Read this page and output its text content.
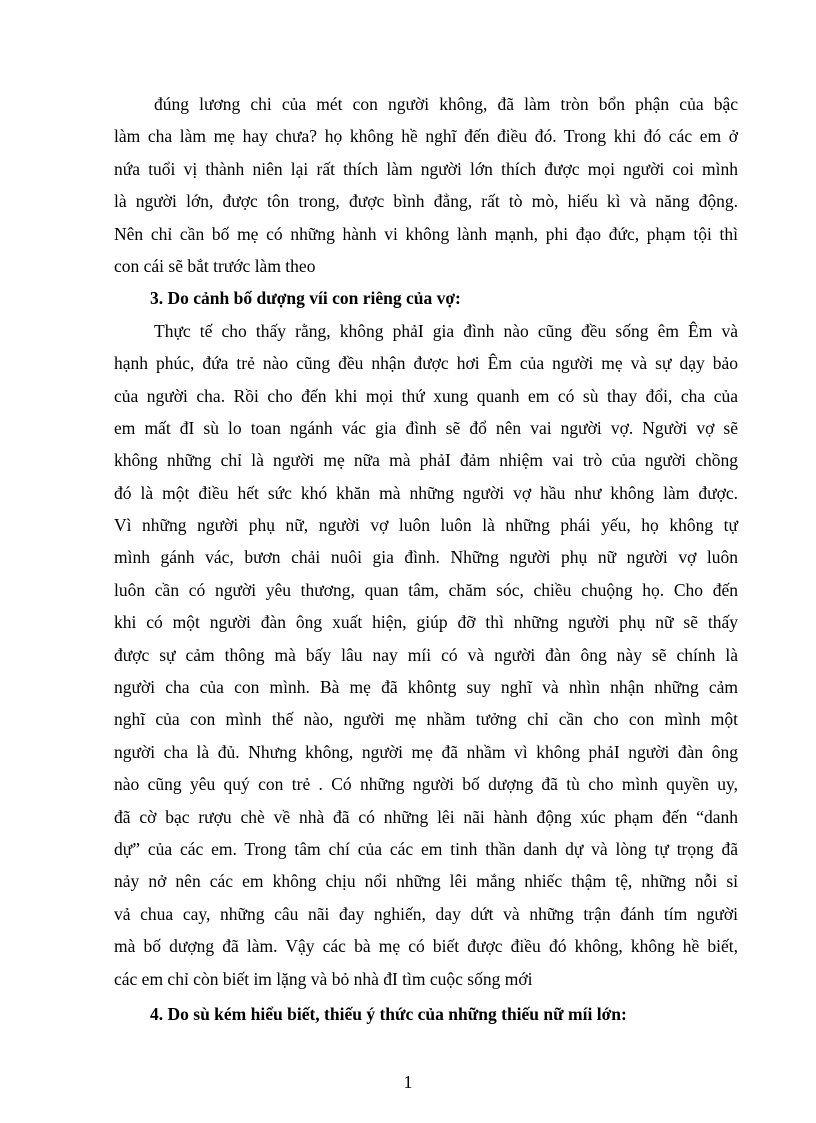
đúng lương chi của mét con người không, đã làm tròn bổn phận của bậc
làm cha làm mẹ hay chưa? họ không hề nghĩ đến điều đó. Trong khi đó các em ở
nứa tuổi vị thành niên lại rất thích làm người lớn thích được mọi người coi mình
là người lớn, được tôn trong, được bình đẳng, rất tò mò, hiếu kì và năng động.
Nên chỉ cần bố mẹ có những hành vi không lành mạnh, phi đạo đức, phạm tội thì
con cái sẽ bắt trước làm theo
3. Do cảnh bố dượng víi con riêng của vợ:
Thực tế cho thấy rằng, không phảI gia đình nào cũng đều sống êm Êm và
hạnh phúc, đứa trẻ nào cũng đều nhận được hơi Êm của người mẹ và sự dạy bảo
của người cha. Rồi cho đến khi mọi thứ xung quanh em có sù thay đổi, cha của
em mất đI sù lo toan ngánh vác gia đình sẽ đổ nên vai người vợ. Người vợ sẽ
không những chỉ là người mẹ nữa mà phảI đảm nhiệm vai trò của người chồng
đó là một điều hết sức khó khăn mà những người vợ hầu như không làm được.
Vì những người phụ nữ, người vợ luôn luôn là những phái yếu, họ không tự
mình gánh vác, bươn chải nuôi gia đình. Những người phụ nữ người vợ luôn
luôn cần có người yêu thương, quan tâm, chăm sóc, chiều chuộng họ. Cho đến
khi có một người đàn ông xuất hiện, giúp đỡ thì những người phụ nữ sẽ thấy
được sự cảm thông mà bấy lâu nay míi có và người đàn ông này sẽ chính là
người cha của con mình. Bà mẹ đã khôntg suy nghĩ và nhìn nhận những cảm
nghĩ của con mình thế nào, người mẹ nhầm tưởng chỉ cần cho con mình một
người cha là đủ. Nhưng không, người mẹ đã nhầm vì không phảI người đàn ông
nào cũng yêu quý con trẻ . Có những người bố dượng đã tù cho mình quyền uy,
đã cờ bạc rượu chè về nhà đã có những lêi nãi hành động xúc phạm đến “danh
dự” của các em. Trong tâm chí của các em tinh thần danh dự và lòng tự trọng đã
nảy nở nên các em không chịu nổi những lêi mắng nhiếc thậm tệ, những nỗi sỉ
vả chua cay, những câu nãi đay nghiến, day dứt và những trận đánh tím người
mà bố dượng đã làm. Vậy các bà mẹ có biết được điều đó không, không hề biết,
các em chỉ còn biết im lặng và bỏ nhà đI tìm cuộc sống mới
4. Do sù kém hiểu biết, thiếu ý thức của những thiếu nữ míi lớn:
1
